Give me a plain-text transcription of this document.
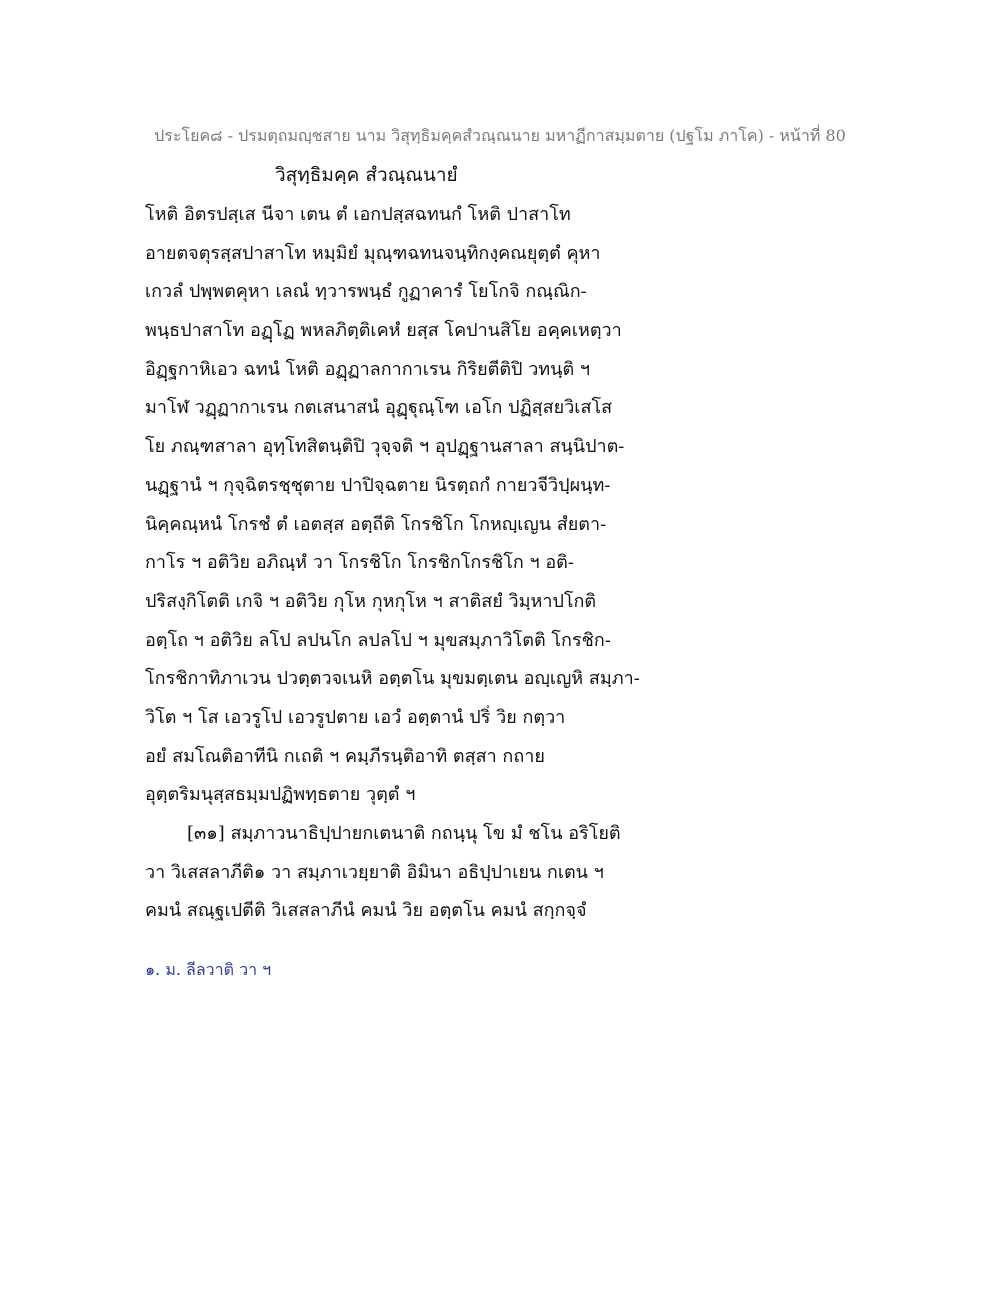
ประโยค๘ - ปรมตฺถมญฺชสาย นาม วิสุทฺธิมคฺคสํวณฺณนาย มหาฏีกาสมฺมตาย (ปฐโม ภาโค) - หน้าที่ 80
วิสุทฺธิมคฺค สํวณฺณนายํ
โหติ อิตรปสฺเส นีจา เตน ตํ เอกปสฺสฉทนกํ โหติ ปาสาโท
อายตจตุรสฺสปาสาโท หมฺมิยํ มุณฺฑฉทนจนฺทิกงฺคณยุตฺตํ คุหา
เกวลํ ปพฺพตคุหา เลณํ ทฺวารพนฺธํ กูฏาคารํ โยโกจิ กณฺณิก-
พนฺธปาสาโท อฏฺโฏ พหลภิตฺติเคหํ ยสฺส โคปานสิโย อคฺคเหตฺวา
อิฏฺฐกาหิเอว ฉทนํ โหติ อฏฺฏาลกากาเรน กิริยตีติปิ วทนฺติ ฯ
มาโฬ วฏฺฏากาเรน กตเสนาสนํ อุฏฺฐุณฺโฑ เอโก ปฏิสฺสยวิเสโส
โย ภณฺฑสาลา อุทฺโทสิตนฺติปิ วุจฺจติ ฯ อุปฏฺฐานสาลา สนฺนิปาต-
นฏฺฐานํ ฯ กุจฺฉิตรชฺชุตาย ปาปิจฺฉตาย นิรตฺถกํ กายวจีวิปฺผนฺท-
นิคฺคณฺหนํ โกรชํ ตํ เอตสฺส อตฺถีติ โกรชิโก โกหญฺเญน สํยตา-
กาโร ฯ อติวิย อภิณฺหํ วา โกรชิโก โกรชิกโกรชิโก ฯ อติ-
ปริสงฺกิโตติ เกจิ ฯ อติวิย กุโห กุหกุโห ฯ สาติสยํ วิมฺหาปโกติ
อตฺโถ ฯ อติวิย ลโป ลปนโก ลปลโป ฯ มุขสมฺภาวิโตติ โกรชิก-
โกรชิกาทิภาเวน ปวตฺตวจเนหิ อตฺตโน มุขมตฺเตน อญฺเญหิ สมฺภา-
วิโต ฯ โส เอวรูโป เอวรูปตาย เอวํ อตฺตานํ ปริํ วิย กตฺวา
อยํ สมโณติอาทีนิ กเถติ ฯ คมฺภีรนฺติอาทิ ตสฺสา กถาย
อุตฺตริมนุสฺสธมฺมปฏิพทฺธตาย วุตฺตํ ฯ
[๓๑] สมฺภาวนาธิปฺปายกเตนาติ กถนฺนุ โข มํ ชโน อริโยติ
วา วิเสสลาภีติ๑ วา สมฺภาเวยฺยาติ อิมินา อธิปฺปาเยน กเตน ฯ
คมนํ สณฺฐเปตีติ วิเสสลาภีนํ คมนํ วิย อตฺตโน คมนํ สกฺกจฺจํ
๑. ม. ลีลวาติ วา ฯ
